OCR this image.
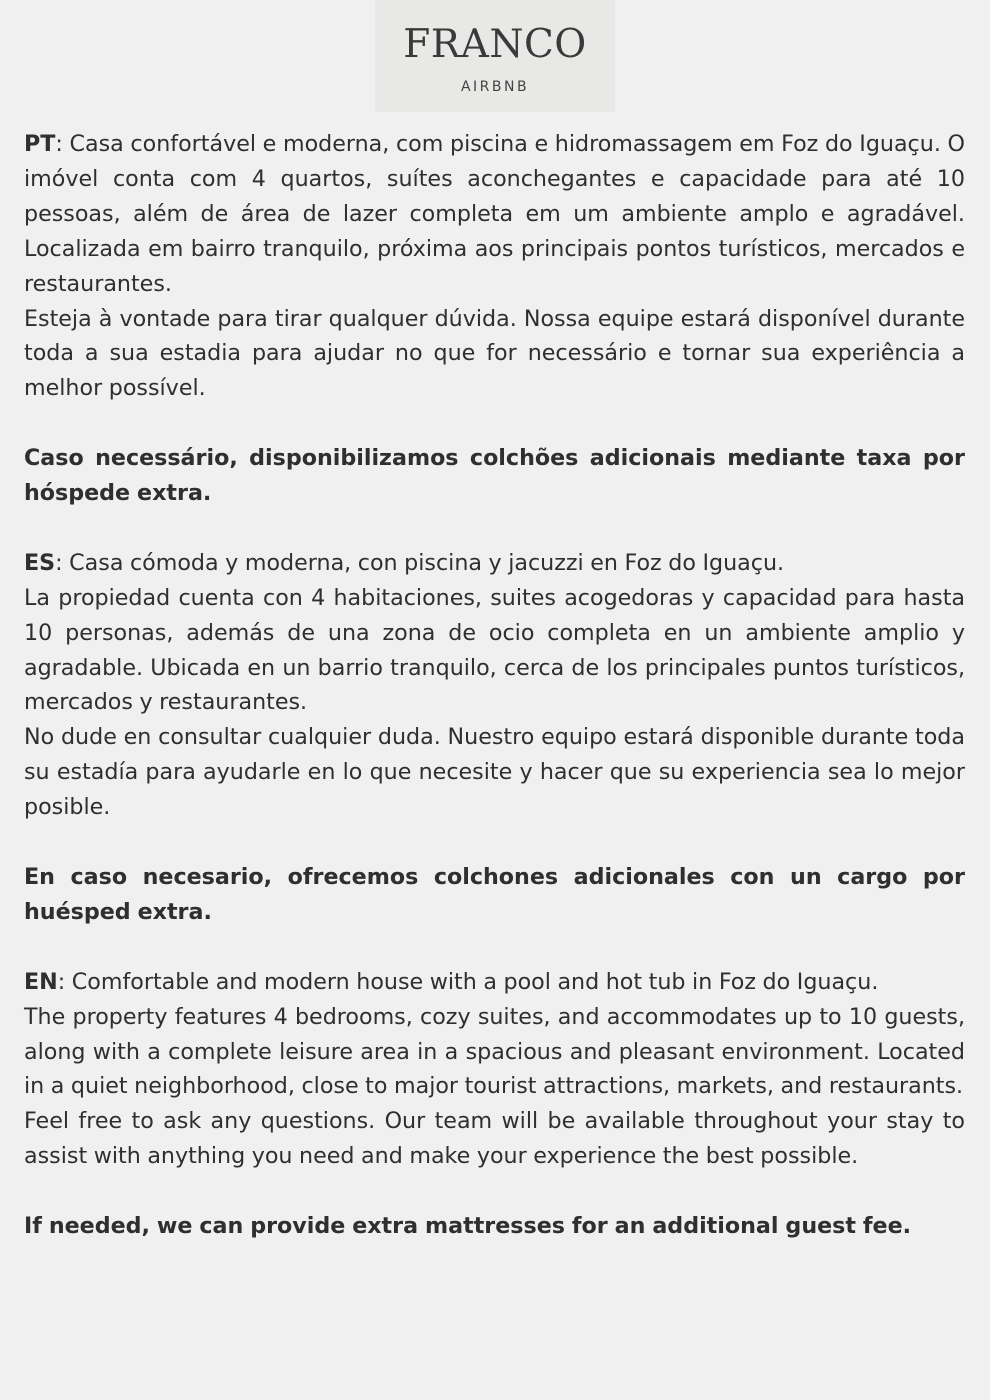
FRANCO
AIRBNB

PT: Casa confortável e moderna, com piscina e hidromassagem em Foz do Iguaçu. O imóvel conta com 4 quartos, suítes aconchegantes e capacidade para até 10 pessoas, além de área de lazer completa em um ambiente amplo e agradável. Localizada em bairro tranquilo, próxima aos principais pontos turísticos, mercados e restaurantes.

Esteja à vontade para tirar qualquer dúvida. Nossa equipe estará disponível durante toda a sua estadia para ajudar no que for necessário e tornar sua experiência a melhor possível.

Caso necessário, disponibilizamos colchões adicionais mediante taxa por hóspede extra.

ES: Casa cómoda y moderna, con piscina y jacuzzi en Foz do Iguaçu.

La propiedad cuenta con 4 habitaciones, suites acogedoras y capacidad para hasta 10 personas, además de una zona de ocio completa en un ambiente amplio y agradable. Ubicada en un barrio tranquilo, cerca de los principales puntos turísticos, mercados y restaurantes.

No dude en consultar cualquier duda. Nuestro equipo estará disponible durante toda su estadía para ayudarle en lo que necesite y hacer que su experiencia sea lo mejor posible.

En caso necesario, ofrecemos colchones adicionales con un cargo por huésped extra.

EN: Comfortable and modern house with a pool and hot tub in Foz do Iguaçu.

The property features 4 bedrooms, cozy suites, and accommodates up to 10 guests, along with a complete leisure area in a spacious and pleasant environment. Located in a quiet neighborhood, close to major tourist attractions, markets, and restaurants.

Feel free to ask any questions. Our team will be available throughout your stay to assist with anything you need and make your experience the best possible.

If needed, we can provide extra mattresses for an additional guest fee.
